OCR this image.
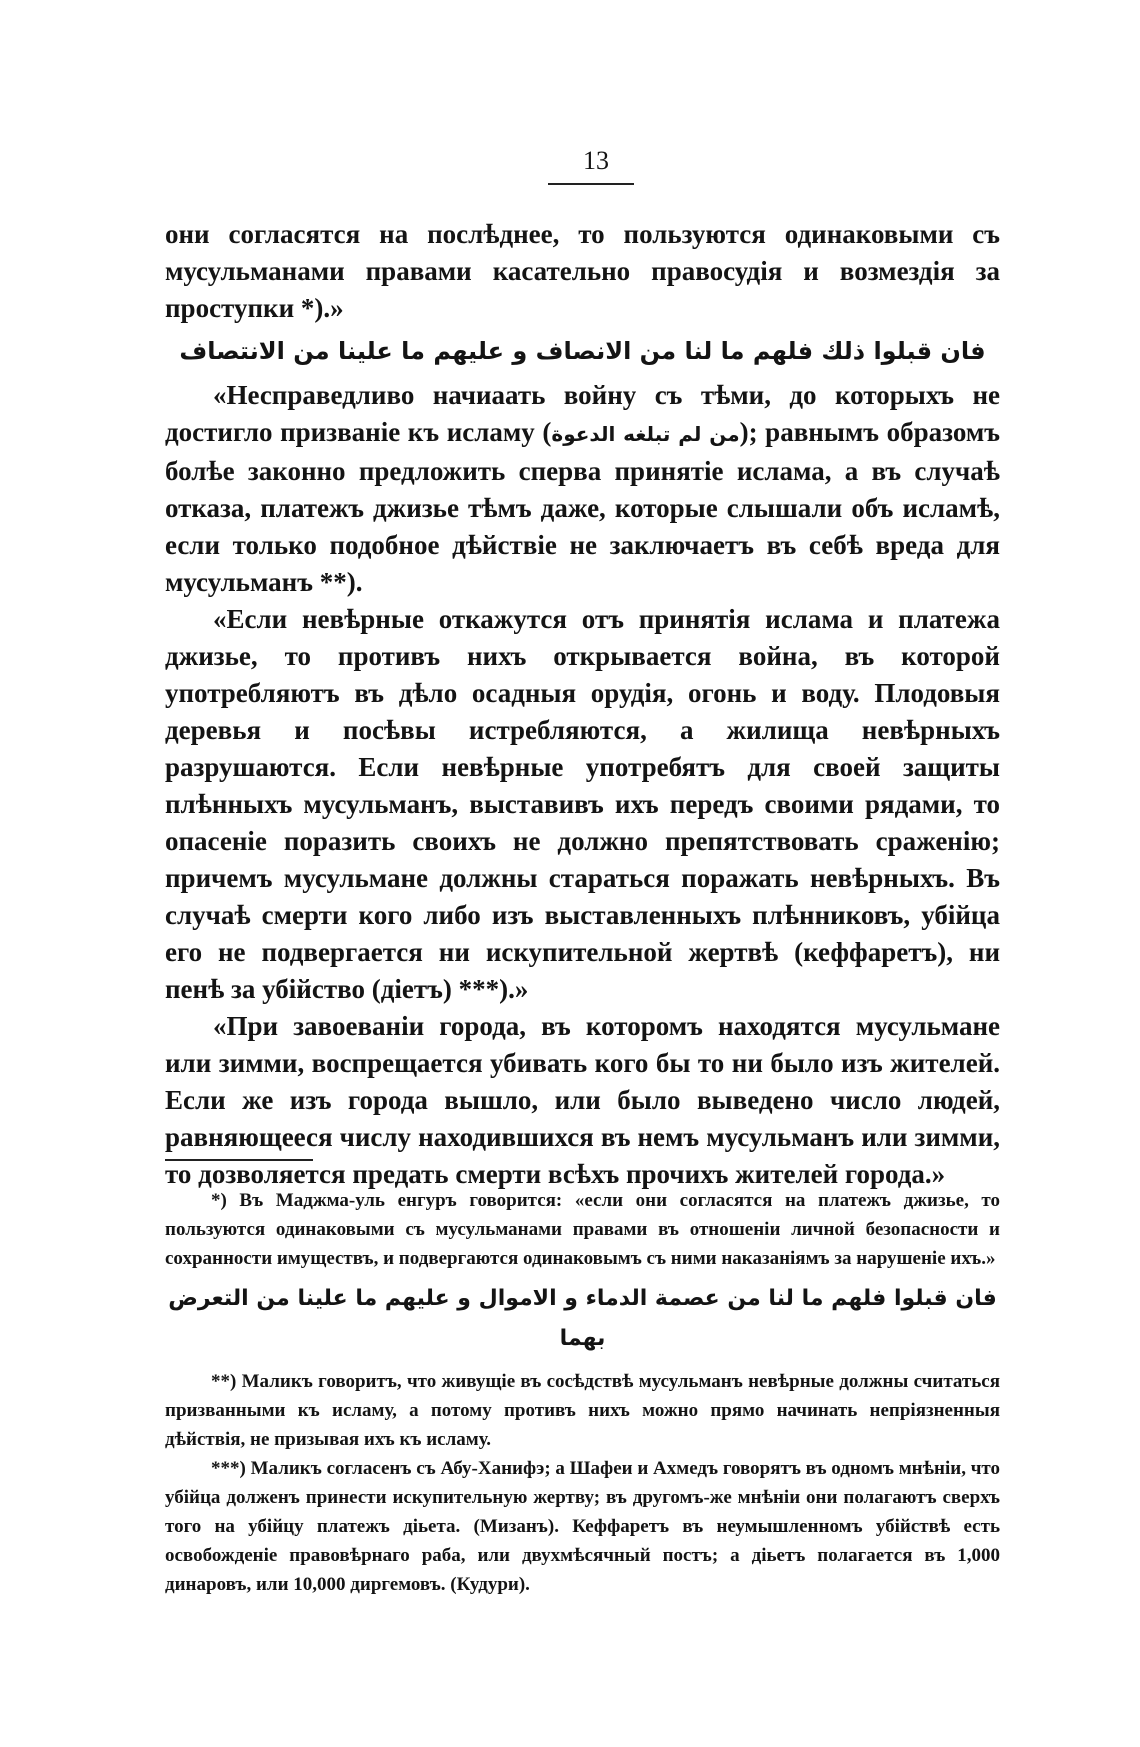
13

они согласятся на послѣднее, то пользуются одинаковыми съ мусульманами правами касательно правосудія и возмездія за проступки *).»

فان قبلوا ذلك فلهم ما لنا من الانصاف و عليهم ما علينا من الانتصاف

«Несправедливо начиаать войну съ тѣми, до которыхъ не достигло призваніе къ исламу (من لم تبلغه الدعوة); равнымъ образомъ болѣе законно предложить сперва принятіе ислама, а въ случаѣ отказа, платежъ джизье тѣмъ даже, которые слышали объ исламѣ, если только подобное дѣйствіе не заключаетъ въ себѣ вреда для мусульманъ **).

«Если невѣрные откажутся отъ принятія ислама и платежа джизье, то противъ нихъ открывается война, въ которой употребляютъ въ дѣло осадныя орудія, огонь и воду. Плодовыя деревья и посѣвы истребляются, а жилища невѣрныхъ разрушаются. Если невѣрные употребятъ для своей защиты плѣнныхъ мусульманъ, выставивъ ихъ передъ своими рядами, то опасеніе поразить своихъ не должно препятствовать сраженію; причемъ мусульмане должны стараться поражать невѣрныхъ. Въ случаѣ смерти кого либо изъ выставленныхъ плѣнниковъ, убійца его не подвергается ни искупительной жертвѣ (кеффаретъ), ни пенѣ за убійство (діетъ) ***).»

«При завоеваніи города, въ которомъ находятся мусульмане или зимми, воспрещается убивать кого бы то ни было изъ жителей. Если же изъ города вышло, или было выведено число людей, равняющееся числу находившихся въ немъ мусульманъ или зимми, то дозволяется предать смерти всѣхъ прочихъ жителей города.»

*) Въ Маджма-уль енгуръ говорится: «если они согласятся на платежъ джизье, то пользуются одинаковыми съ мусульманами правами въ отношеніи личной безопасности и сохранности имуществъ, и подвергаются одинаковымъ съ ними наказаніямъ за нарушеніе ихъ.»

فان قبلوا فلهم ما لنا من عصمة الدماء و الاموال و عليهم ما علينا من التعرض بهما

**) Маликъ говоритъ, что живущіе въ сосѣдствѣ мусульманъ невѣрные должны считаться призванными къ исламу, а потому противъ нихъ можно прямо начинать непріязненныя дѣйствія, не призывая ихъ къ исламу.

***) Маликъ согласенъ съ Абу-Ханифэ; а Шафеи и Ахмедъ говорятъ въ одномъ мнѣніи, что убійца долженъ принести искупительную жертву; въ другомъ-же мнѣніи они полагаютъ сверхъ того на убійцу платежъ діьета. (Мизанъ). Кеффаретъ въ неумышленномъ убійствѣ есть освобожденіе правовѣрнаго раба, или двухмѣсячный постъ; а діьетъ полагается въ 1,000 динаровъ, или 10,000 диргемовъ. (Кудури).
